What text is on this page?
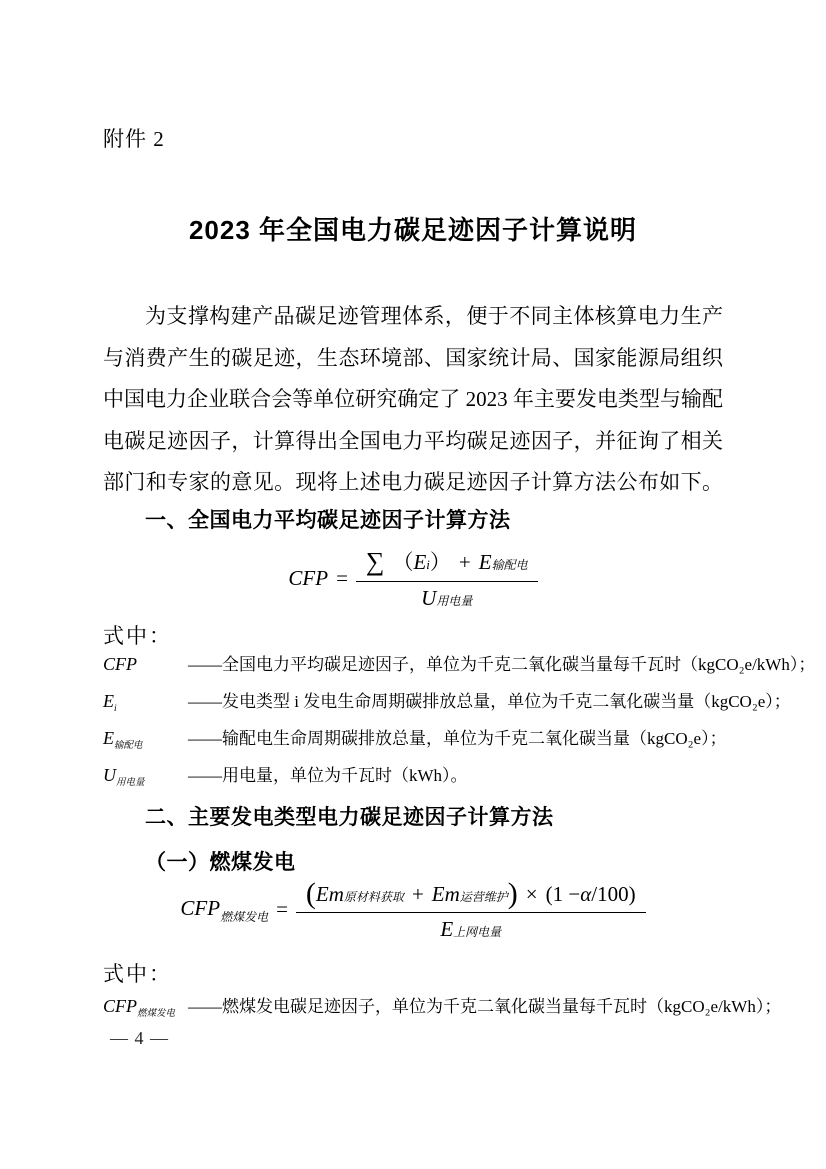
附件 2
2023 年全国电力碳足迹因子计算说明
为支撑构建产品碳足迹管理体系，便于不同主体核算电力生产
与消费产生的碳足迹，生态环境部、国家统计局、国家能源局组织
中国电力企业联合会等单位研究确定了 2023 年主要发电类型与输配
电碳足迹因子，计算得出全国电力平均碳足迹因子，并征询了相关
部门和专家的意见。现将上述电力碳足迹因子计算方法公布如下。
一、全国电力平均碳足迹因子计算方法
CFP = $\frac{\text{∑ （ E i ） + E 输配电}}{\text{U 用电量}}$
式中：
CFP	——全国电力平均碳足迹因子，单位为千克二氧化碳当量每千瓦时（kgCO₂e/kWh）；
$E_i$	——发电类型 i 发电生命周期碳排放总量，单位为千克二氧化碳当量（kgCO₂e）；
$E_{输配电}$	——输配电生命周期碳排放总量，单位为千克二氧化碳当量（kgCO₂e）；
$U_{用电量}$	——用电量，单位为千瓦时（kWh）。
二、主要发电类型电力碳足迹因子计算方法
（一）燃煤发电
$CFP_{燃煤发电}$ = ( Em 原材料获取 + Em 运营维护 ) × (1 − α /100)
E 上网电量
式中：
$CFP_{燃煤发电}$ ——燃煤发电碳足迹因子，单位为千克二氧化碳当量每千瓦时（kgCO₂e/kWh）；
— 4 —
